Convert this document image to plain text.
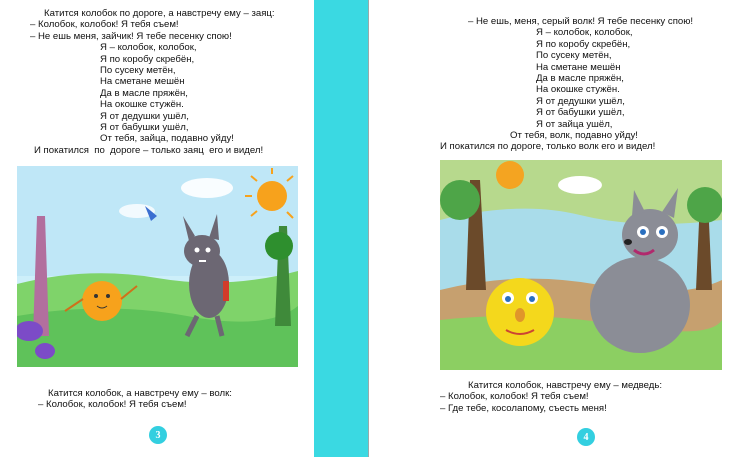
Катится колобок по дороге, а навстречу ему – заяц:
– Колобок, колобок! Я тебя съем!
– Не ешь меня, зайчик! Я тебе песенку спою!
Я – колобок, колобок,
Я по коробу скребён,
По сусеку метён,
На сметане мешён
Да в масле пряжён,
На окошке стужён.
Я от дедушки ушёл,
Я от бабушки ушёл,
От тебя, зайца, подавно уйду!
И покатился  по  дороге – только заяц  его и видел!
Катится колобок, а навстречу ему – волк:
– Колобок, колобок! Я тебя съем!
3
– Не ешь, меня, серый волк! Я тебе песенку спою!
Я – колобок, колобок,
Я по коробу скребён,
По сусеку метён,
На сметане мешён
Да в масле пряжён,
На окошке стужён.
Я от дедушки ушёл,
Я от бабушки ушёл,
Я от зайца ушёл,
От тебя, волк, подавно уйду!
И покатился по дороге, только волк его и видел!
Катится колобок, навстречу ему – медведь:
– Колобок, колобок! Я тебя съем!
– Где тебе, косолапому, съесть меня!
4
